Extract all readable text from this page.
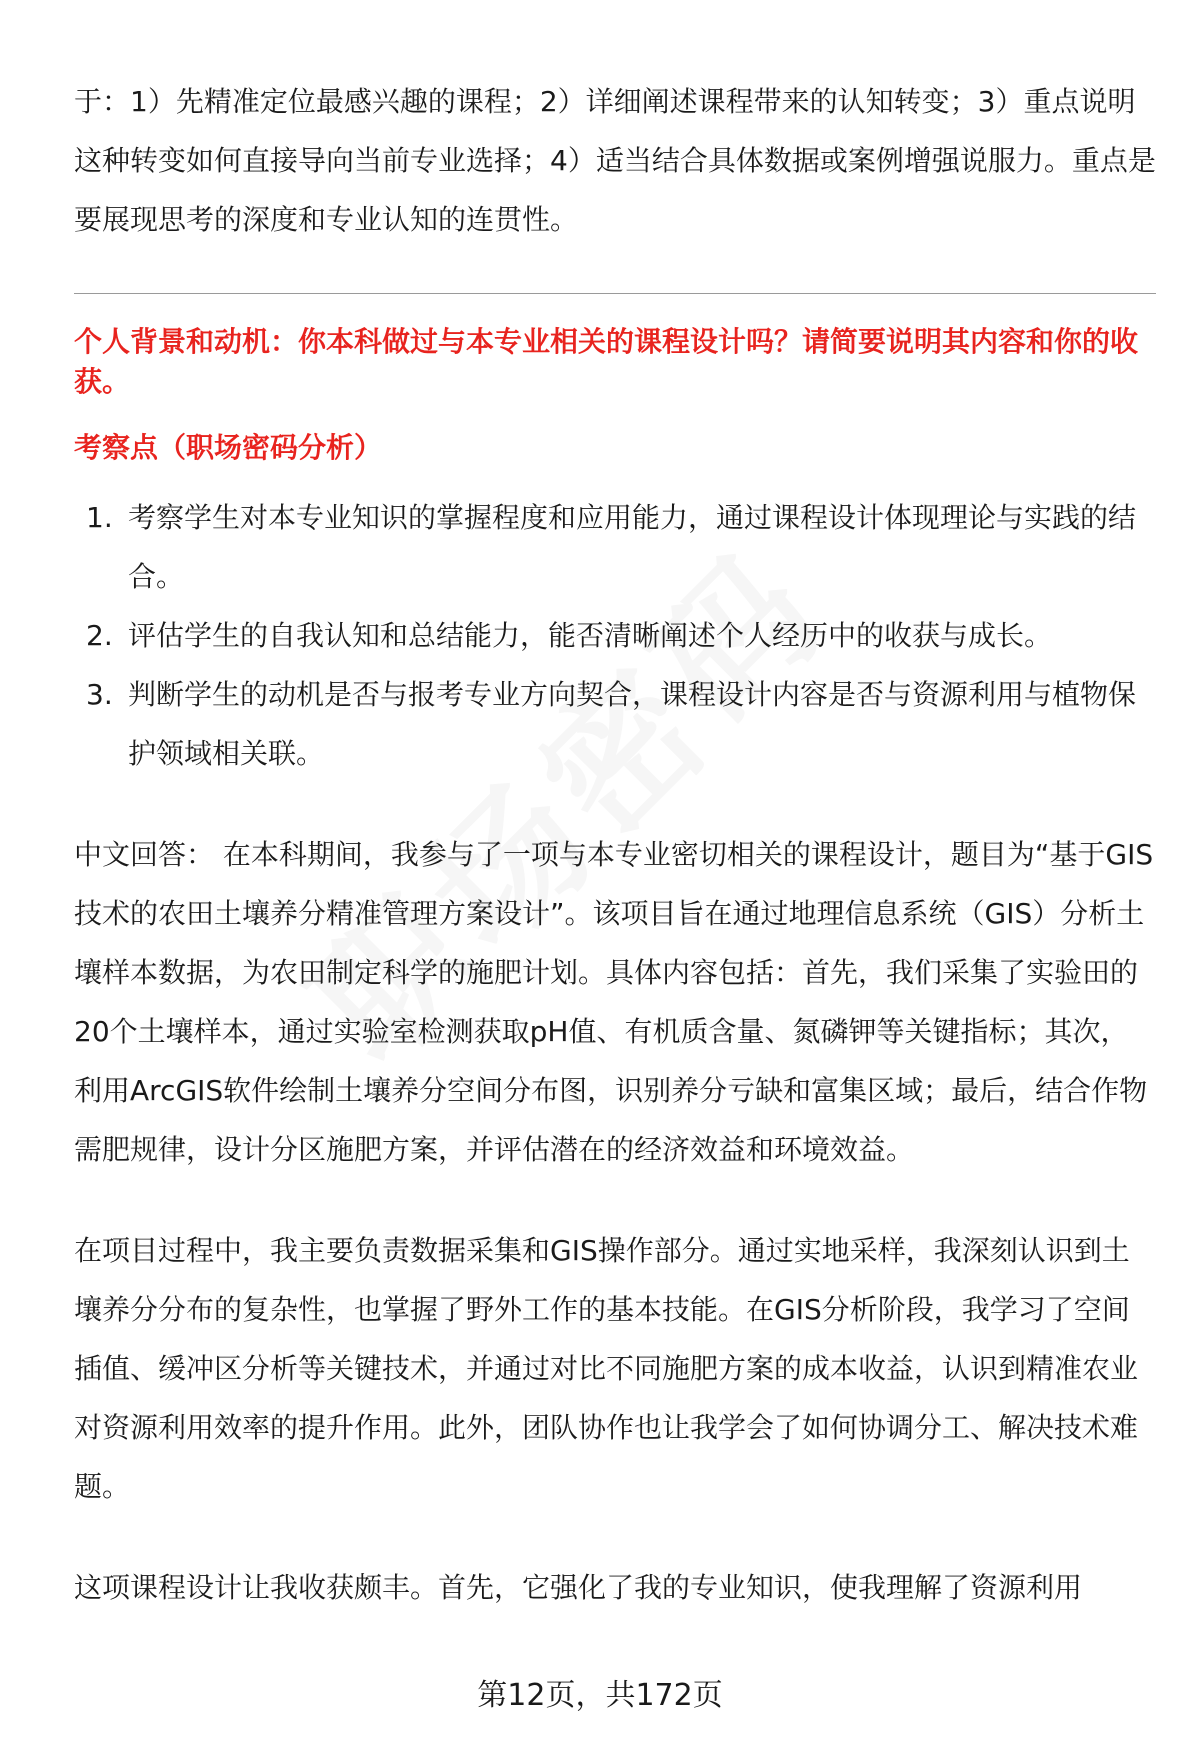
于：1）先精准定位最感兴趣的课程；2）详细阐述课程带来的认知转变；3）重点说明这种转变如何直接导向当前专业选择；4）适当结合具体数据或案例增强说服力。重点是要展现思考的深度和专业认知的连贯性。

个人背景和动机：你本科做过与本专业相关的课程设计吗？请简要说明其内容和你的收获。

考察点（职场密码分析）

1. 考察学生对本专业知识的掌握程度和应用能力，通过课程设计体现理论与实践的结合。
2. 评估学生的自我认知和总结能力，能否清晰阐述个人经历中的收获与成长。
3. 判断学生的动机是否与报考专业方向契合，课程设计内容是否与资源利用与植物保护领域相关联。

中文回答： 在本科期间，我参与了一项与本专业密切相关的课程设计，题目为“基于GIS技术的农田土壤养分精准管理方案设计”。该项目旨在通过地理信息系统（GIS）分析土壤样本数据，为农田制定科学的施肥计划。具体内容包括：首先，我们采集了实验田的20个土壤样本，通过实验室检测获取pH值、有机质含量、氮磷钾等关键指标；其次，利用ArcGIS软件绘制土壤养分空间分布图，识别养分亏缺和富集区域；最后，结合作物需肥规律，设计分区施肥方案，并评估潜在的经济效益和环境效益。

在项目过程中，我主要负责数据采集和GIS操作部分。通过实地采样，我深刻认识到土壤养分分布的复杂性，也掌握了野外工作的基本技能。在GIS分析阶段，我学习了空间插值、缓冲区分析等关键技术，并通过对比不同施肥方案的成本收益，认识到精准农业对资源利用效率的提升作用。此外，团队协作也让我学会了如何协调分工、解决技术难题。

这项课程设计让我收获颇丰。首先，它强化了我的专业知识，使我理解了资源利用

第12页，共172页
